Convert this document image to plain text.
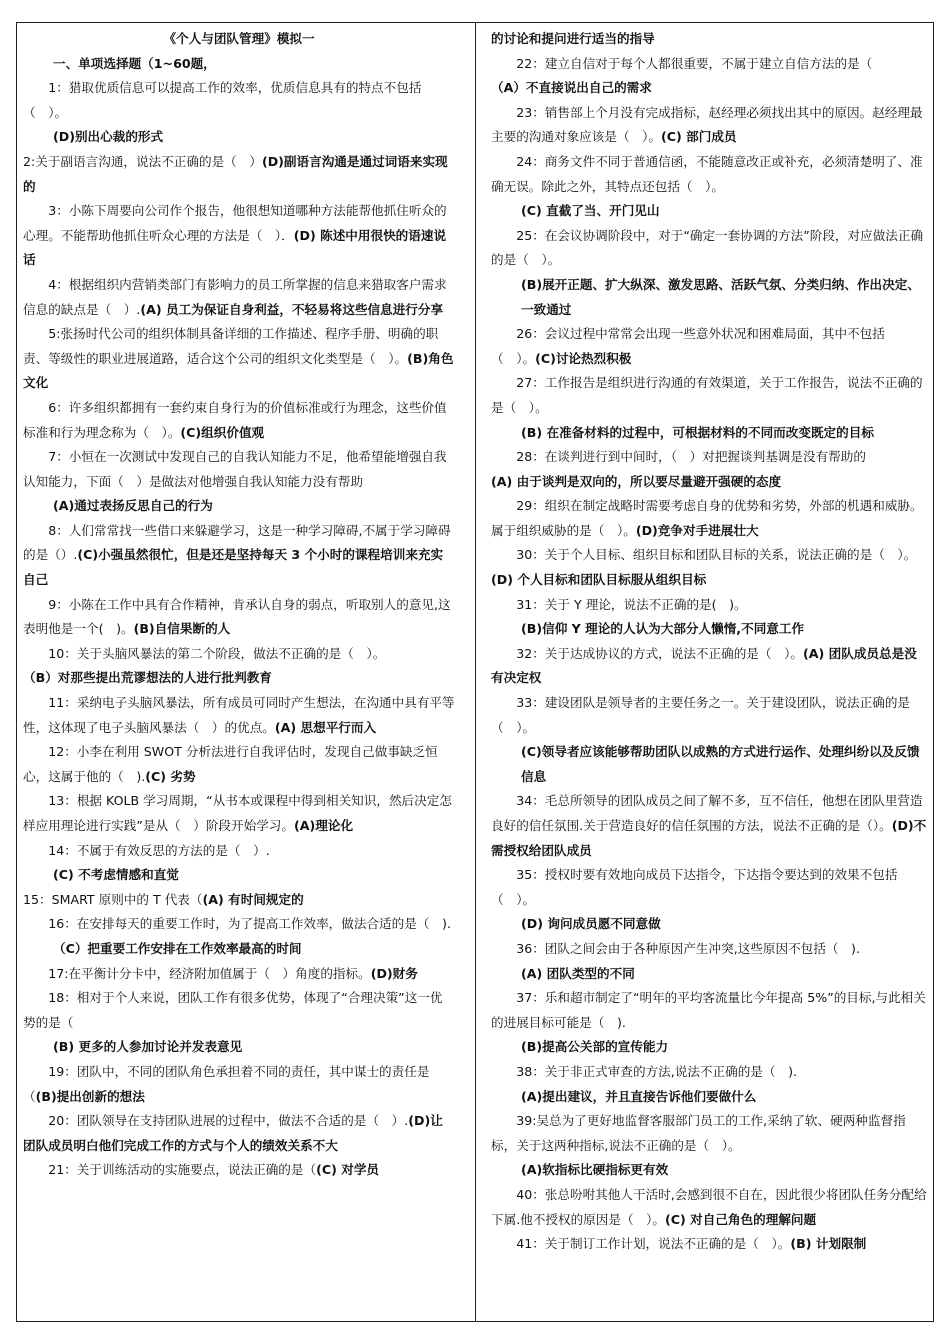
《个人与团队管理》模拟一

一、单项选择题（1~60题，

1：猎取优质信息可以提高工作的效率，优质信息具有的特点不包括（　）。

(D)别出心裁的形式

2:关于副语言沟通，说法不正确的是（　）(D)副语言沟通是通过词语来实现的

3：小陈下周要向公司作个报告，他很想知道哪种方法能帮他抓住听众的心理。不能帮助他抓住听众心理的方法是（　）．(D) 陈述中用很快的语速说话

4：根据组织内营销类部门有影响力的员工所掌握的信息来猎取客户需求信息的缺点是（　）.(A) 员工为保证自身利益，不轻易将这些信息进行分享

5:张扬时代公司的组织体制具备详细的工作描述、程序手册、明确的职责、等级性的职业进展道路，适合这个公司的组织文化类型是（　）。(B)角色文化

6：许多组织都拥有一套约束自身行为的价值标准或行为理念，这些价值标准和行为理念称为（　）。(C)组织价值观

7：小恒在一次测试中发现自己的自我认知能力不足，他希望能增强自我认知能力，下面（　）是做法对他增强自我认知能力没有帮助

(A)通过表扬反思自己的行为

8：人们常常找一些借口来躲避学习，这是一种学习障碍,不属于学习障碍的是（）.(C)小强虽然很忙，但是还是坚持每天 3 个小时的课程培训来充实自己

9：小陈在工作中具有合作精神，肯承认自身的弱点，听取别人的意见,这表明他是一个(　)。(B)自信果断的人

10：关于头脑风暴法的第二个阶段，做法不正确的是（　）。

（B）对那些提出荒谬想法的人进行批判教育

11：采纳电子头脑风暴法，所有成员可同时产生想法，在沟通中具有平等性，这体现了电子头脑风暴法（　）的优点。(A) 思想平行而入

12：小李在利用 SWOT 分析法进行自我评估时，发现自己做事缺乏恒心，这属于他的（　).(C) 劣势

13：根据 KOLB 学习周期，“从书本或课程中得到相关知识，然后决定怎样应用理论进行实践”是从（　）阶段开始学习。(A)理论化

14：不属于有效反思的方法的是（　）.

(C) 不考虑情感和直觉

15：SMART 原则中的 T 代表（(A) 有时间规定的

16：在安排每天的重要工作时，为了提高工作效率，做法合适的是（　).

（C）把重要工作安排在工作效率最高的时间

17:在平衡计分卡中，经济附加值属于（　）角度的指标。(D)财务

18：相对于个人来说，团队工作有很多优势，体现了“合理决策”这一优势的是（

(B) 更多的人参加讨论并发表意见

19：团队中，不同的团队角色承担着不同的责任，其中谋士的责任是（(B)提出创新的想法

20：团队领导在支持团队进展的过程中，做法不合适的是（　）.(D)让团队成员明白他们完成工作的方式与个人的绩效关系不大

21：关于训练活动的实施要点，说法正确的是（(C) 对学员

的讨论和提问进行适当的指导

22：建立自信对于每个人都很重要，不属于建立自信方法的是（

（A）不直接说出自己的需求

23：销售部上个月没有完成指标，赵经理必须找出其中的原因。赵经理最主要的沟通对象应该是（　）。(C) 部门成员

24：商务文件不同于普通信函，不能随意改正或补充，必须清楚明了、准确无误。除此之外，其特点还包括（　）。

(C) 直截了当、开门见山

25：在会议协调阶段中，对于“确定一套协调的方法”阶段，对应做法正确的是（　）。

(B)展开正题、扩大纵深、激发思路、活跃气氛、分类归纳、作出决定、一致通过

26：会议过程中常常会出现一些意外状况和困难局面，其中不包括（　）。(C)讨论热烈积极

27：工作报告是组织进行沟通的有效渠道，关于工作报告，说法不正确的是（　）。

(B) 在准备材料的过程中，可根据材料的不同而改变既定的目标

28：在谈判进行到中间时，（　）对把握谈判基调是没有帮助的

(A) 由于谈判是双向的，所以要尽量避开强硬的态度

29：组织在制定战略时需要考虑自身的优势和劣势，外部的机遇和威胁。属于组织威胁的是（　）。(D)竞争对手进展壮大

30：关于个人目标、组织目标和团队目标的关系，说法正确的是（　）。

(D) 个人目标和团队目标服从组织目标

31：关于 Y 理论，说法不正确的是(　)。

(B)信仰 Y 理论的人认为大部分人懒惰,不同意工作

32：关于达成协议的方式，说法不正确的是（　）。(A) 团队成员总是没有决定权

33：建设团队是领导者的主要任务之一。关于建设团队，说法正确的是（　）。

(C)领导者应该能够帮助团队以成熟的方式进行运作、处理纠纷以及反馈信息

34：毛总所领导的团队成员之间了解不多，互不信任，他想在团队里营造良好的信任氛围.关于营造良好的信任氛围的方法，说法不正确的是（）。(D)不需授权给团队成员

35：授权时要有效地向成员下达指令，下达指令要达到的效果不包括（　）。

(D) 询问成员愿不同意做

36：团队之间会由于各种原因产生冲突,这些原因不包括（　).

(A) 团队类型的不同

37：乐和超市制定了“明年的平均客流量比今年提高 5%”的目标,与此相关的进展目标可能是（　).

(B)提高公关部的宣传能力

38：关于非正式审查的方法,说法不正确的是（　).

(A)提出建议，并且直接告诉他们要做什么

39:吴总为了更好地监督客服部门员工的工作,采纳了软、硬两种监督指标，关于这两种指标,说法不正确的是（　）。

(A)软指标比硬指标更有效

40：张总吩咐其他人干活时,会感到很不自在，因此很少将团队任务分配给下属.他不授权的原因是（　）。(C) 对自己角色的理解问题

41：关于制订工作计划，说法不正确的是（　）。(B) 计划限制
